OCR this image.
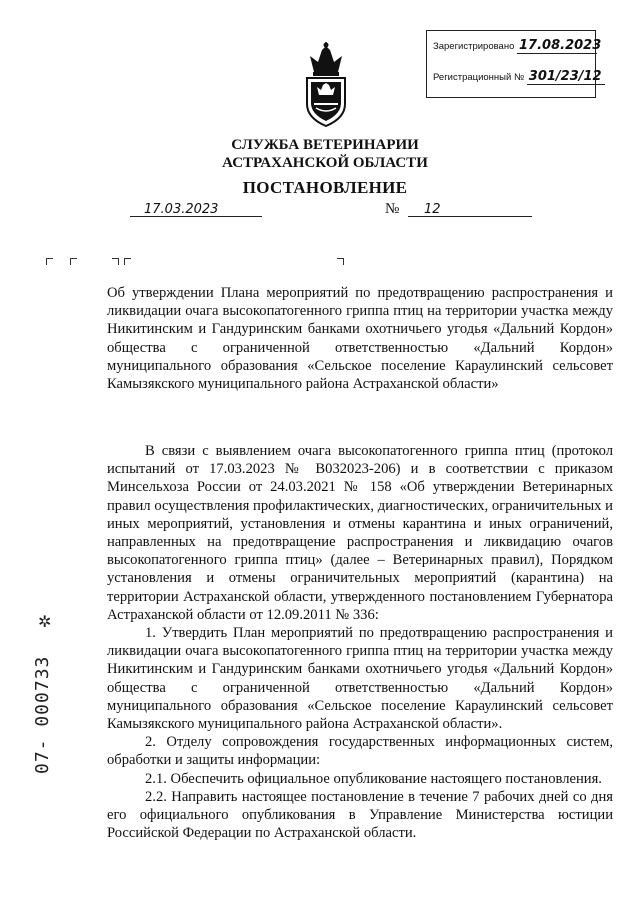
Зарегистрировано 17.08.2023
Регистрационный № 301/23/12
СЛУЖБА ВЕТЕРИНАРИИ
АСТРАХАНСКОЙ ОБЛАСТИ
ПОСТАНОВЛЕНИЕ
17.03.2023	№	12
Об утверждении Плана мероприятий по предотвращению распространения и ликвидации очага высокопатогенного гриппа птиц на территории участка между Никитинским и Гандуринским банками охотничьего угодья «Дальний Кордон» общества с ограниченной ответственностью «Дальний Кордон» муниципального образования «Сельское поселение Караулинский сельсовет Камызякского муниципального района Астраханской области»

В связи с выявлением очага высокопатогенного гриппа птиц (протокол испытаний от 17.03.2023 № В032023-206) и в соответствии с приказом Минсельхоза России от 24.03.2021 № 158 «Об утверждении Ветеринарных правил осуществления профилактических, диагностических, ограничительных и иных мероприятий, установления и отмены карантина и иных ограничений, направленных на предотвращение распространения и ликвидацию очагов высокопатогенного гриппа птиц» (далее – Ветеринарных правил), Порядком установления и отмены ограничительных мероприятий (карантина) на территории Астраханской области, утвержденного постановлением Губернатора Астраханской области от 12.09.2011 № 336:

1. Утвердить План мероприятий по предотвращению распространения и ликвидации очага высокопатогенного гриппа птиц на территории участка между Никитинским и Гандуринским банками охотничьего угодья «Дальний Кордон» общества с ограниченной ответственностью «Дальний Кордон» муниципального образования «Сельское поселение Караулинский сельсовет Камызякского муниципального района Астраханской области».

2. Отделу сопровождения государственных информационных систем, обработки и защиты информации:

2.1. Обеспечить официальное опубликование настоящего постановления.

2.2. Направить настоящее постановление в течение 7 рабочих дней со дня его официального опубликования в Управление Министерства юстиции Российской Федерации по Астраханской области.

✲
07- 000733
